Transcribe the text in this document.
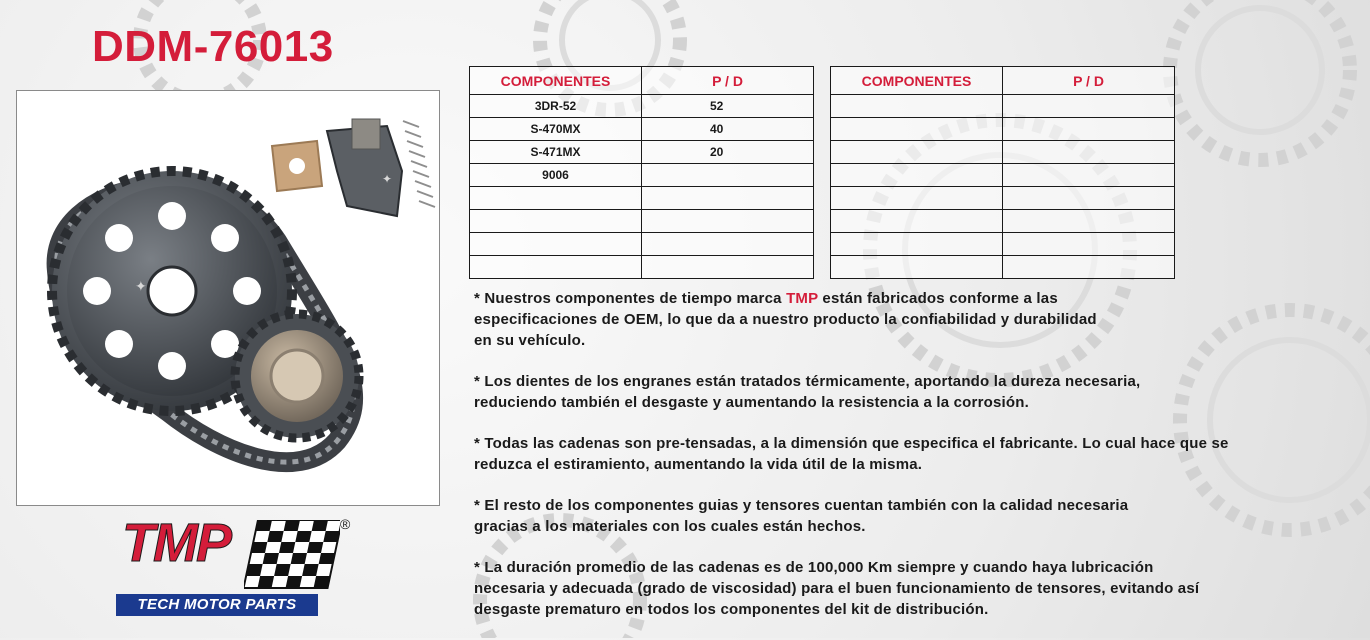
DDM-76013
✦
✦
TMP	®
TECH MOTOR PARTS
COMPONENTES	P / D
3DR-52	52
S-470MX	40
S-471MX	20
9006	

COMPONENTES	P / D

* Nuestros componentes de tiempo marca TMP están fabricados conforme a las
especificaciones de OEM, lo que da a nuestro producto la confiabilidad y durabilidad
en su vehículo.

* Los dientes de los engranes están tratados térmicamente, aportando la dureza necesaria,
reduciendo también el desgaste y aumentando la resistencia a la corrosión.

* Todas las cadenas son pre-tensadas, a la dimensión que especifica el fabricante. Lo cual hace que se
reduzca el estiramiento, aumentando la vida útil de la misma.

* El resto de los componentes guias y tensores cuentan también con la calidad necesaria
gracias a los materiales con los cuales están hechos.

* La duración promedio de las cadenas es de 100,000 Km siempre y cuando haya lubricación
necesaria y adecuada (grado de viscosidad) para el buen funcionamiento de tensores, evitando así
desgaste prematuro en todos los componentes del kit de distribución.
